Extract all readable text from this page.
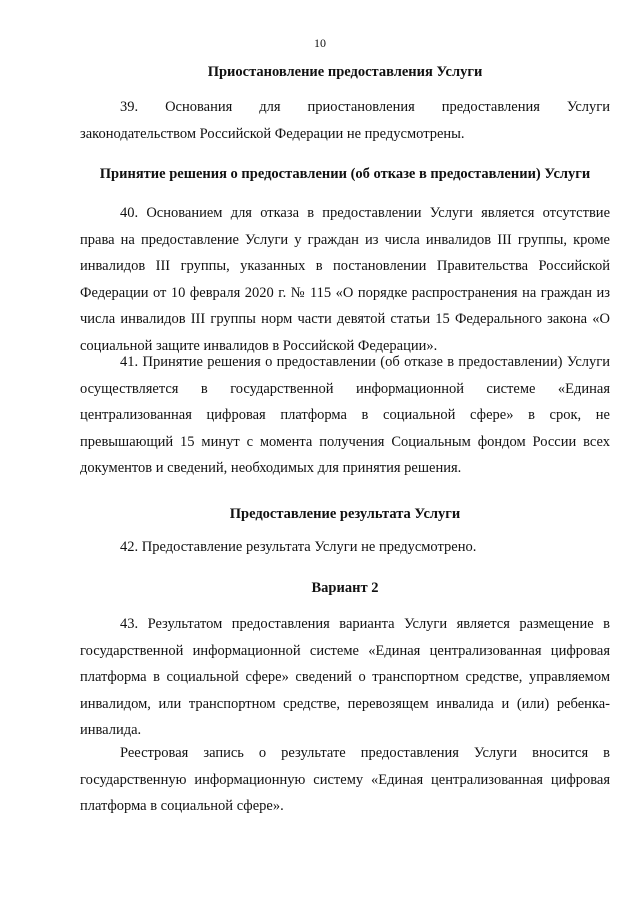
10
Приостановление предоставления Услуги
39. Основания для приостановления предоставления Услуги законодательством Российской Федерации не предусмотрены.
Принятие решения о предоставлении (об отказе в предоставлении) Услуги
40. Основанием для отказа в предоставлении Услуги является отсутствие права на предоставление Услуги у граждан из числа инвалидов III группы, кроме инвалидов III группы, указанных в постановлении Правительства Российской Федерации от 10 февраля 2020 г. № 115 «О порядке распространения на граждан из числа инвалидов III группы норм части девятой статьи 15 Федерального закона «О социальной защите инвалидов в Российской Федерации».
41. Принятие решения о предоставлении (об отказе в предоставлении) Услуги осуществляется в государственной информационной системе «Единая централизованная цифровая платформа в социальной сфере» в срок, не превышающий 15 минут с момента получения Социальным фондом России всех документов и сведений, необходимых для принятия решения.
Предоставление результата Услуги
42. Предоставление результата Услуги не предусмотрено.
Вариант 2
43. Результатом предоставления варианта Услуги является размещение в государственной информационной системе «Единая централизованная цифровая платформа в социальной сфере» сведений о транспортном средстве, управляемом инвалидом, или транспортном средстве, перевозящем инвалида и (или) ребенка-инвалида.
Реестровая запись о результате предоставления Услуги вносится в государственную информационную систему «Единая централизованная цифровая платформа в социальной сфере».
